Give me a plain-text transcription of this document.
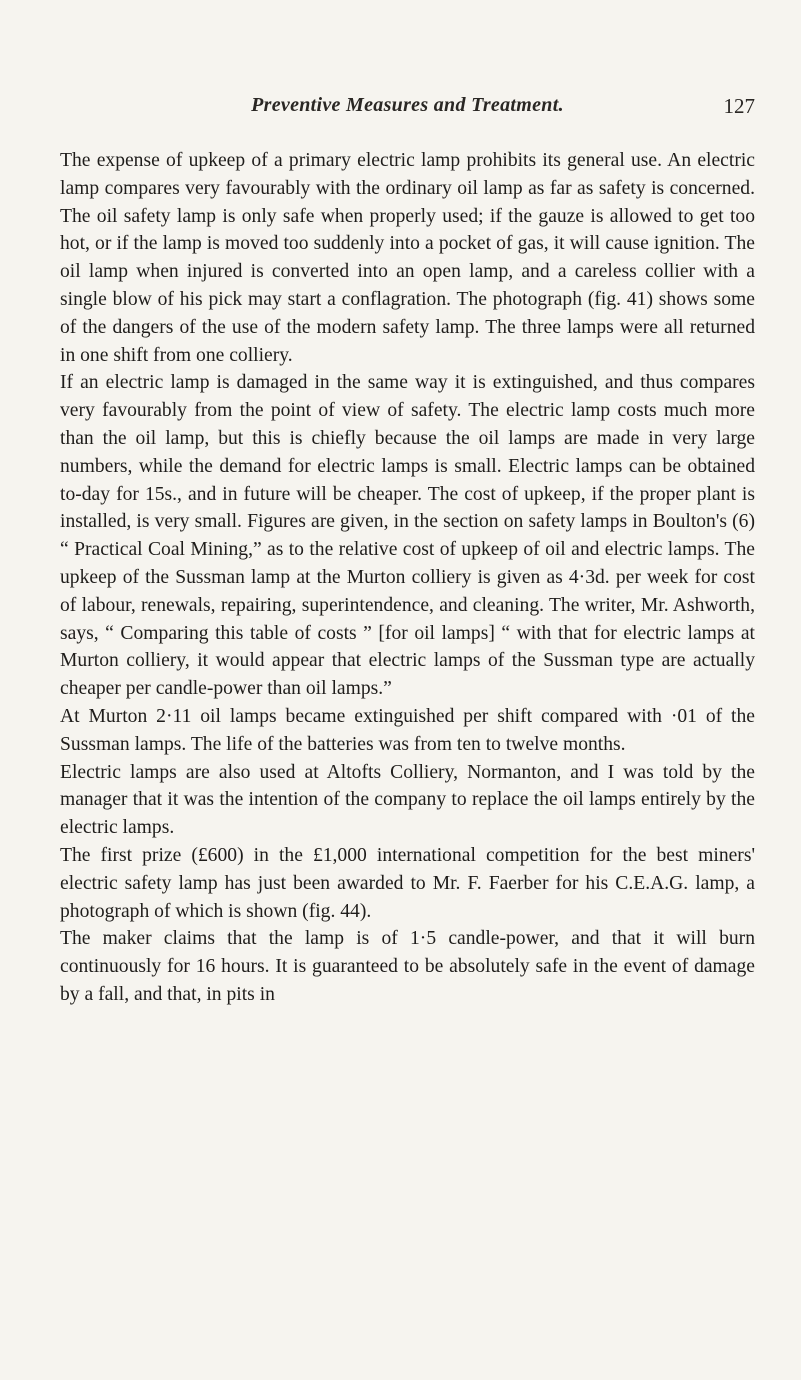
Preventive Measures and Treatment.	127

The expense of upkeep of a primary electric lamp prohibits its general use. An electric lamp compares very favourably with the ordinary oil lamp as far as safety is concerned. The oil safety lamp is only safe when properly used; if the gauze is allowed to get too hot, or if the lamp is moved too suddenly into a pocket of gas, it will cause ignition. The oil lamp when injured is converted into an open lamp, and a careless collier with a single blow of his pick may start a conflagration. The photograph (fig. 41) shows some of the dangers of the use of the modern safety lamp. The three lamps were all returned in one shift from one colliery.

If an electric lamp is damaged in the same way it is extinguished, and thus compares very favourably from the point of view of safety. The electric lamp costs much more than the oil lamp, but this is chiefly because the oil lamps are made in very large numbers, while the demand for electric lamps is small. Electric lamps can be obtained to-day for 15s., and in future will be cheaper. The cost of upkeep, if the proper plant is installed, is very small. Figures are given, in the section on safety lamps in Boulton's (6) “ Practical Coal Mining,” as to the relative cost of upkeep of oil and electric lamps. The upkeep of the Sussman lamp at the Murton colliery is given as 4·3d. per week for cost of labour, renewals, repairing, superintendence, and cleaning. The writer, Mr. Ashworth, says, “ Comparing this table of costs ” [for oil lamps] “ with that for electric lamps at Murton colliery, it would appear that electric lamps of the Sussman type are actually cheaper per candle-power than oil lamps.”

At Murton 2·11 oil lamps became extinguished per shift compared with ·01 of the Sussman lamps. The life of the batteries was from ten to twelve months.

Electric lamps are also used at Altofts Colliery, Normanton, and I was told by the manager that it was the intention of the company to replace the oil lamps entirely by the electric lamps.

The first prize (£600) in the £1,000 international competition for the best miners' electric safety lamp has just been awarded to Mr. F. Faerber for his C.E.A.G. lamp, a photograph of which is shown (fig. 44).

The maker claims that the lamp is of 1·5 candle-power, and that it will burn continuously for 16 hours. It is guaranteed to be absolutely safe in the event of damage by a fall, and that, in pits in
